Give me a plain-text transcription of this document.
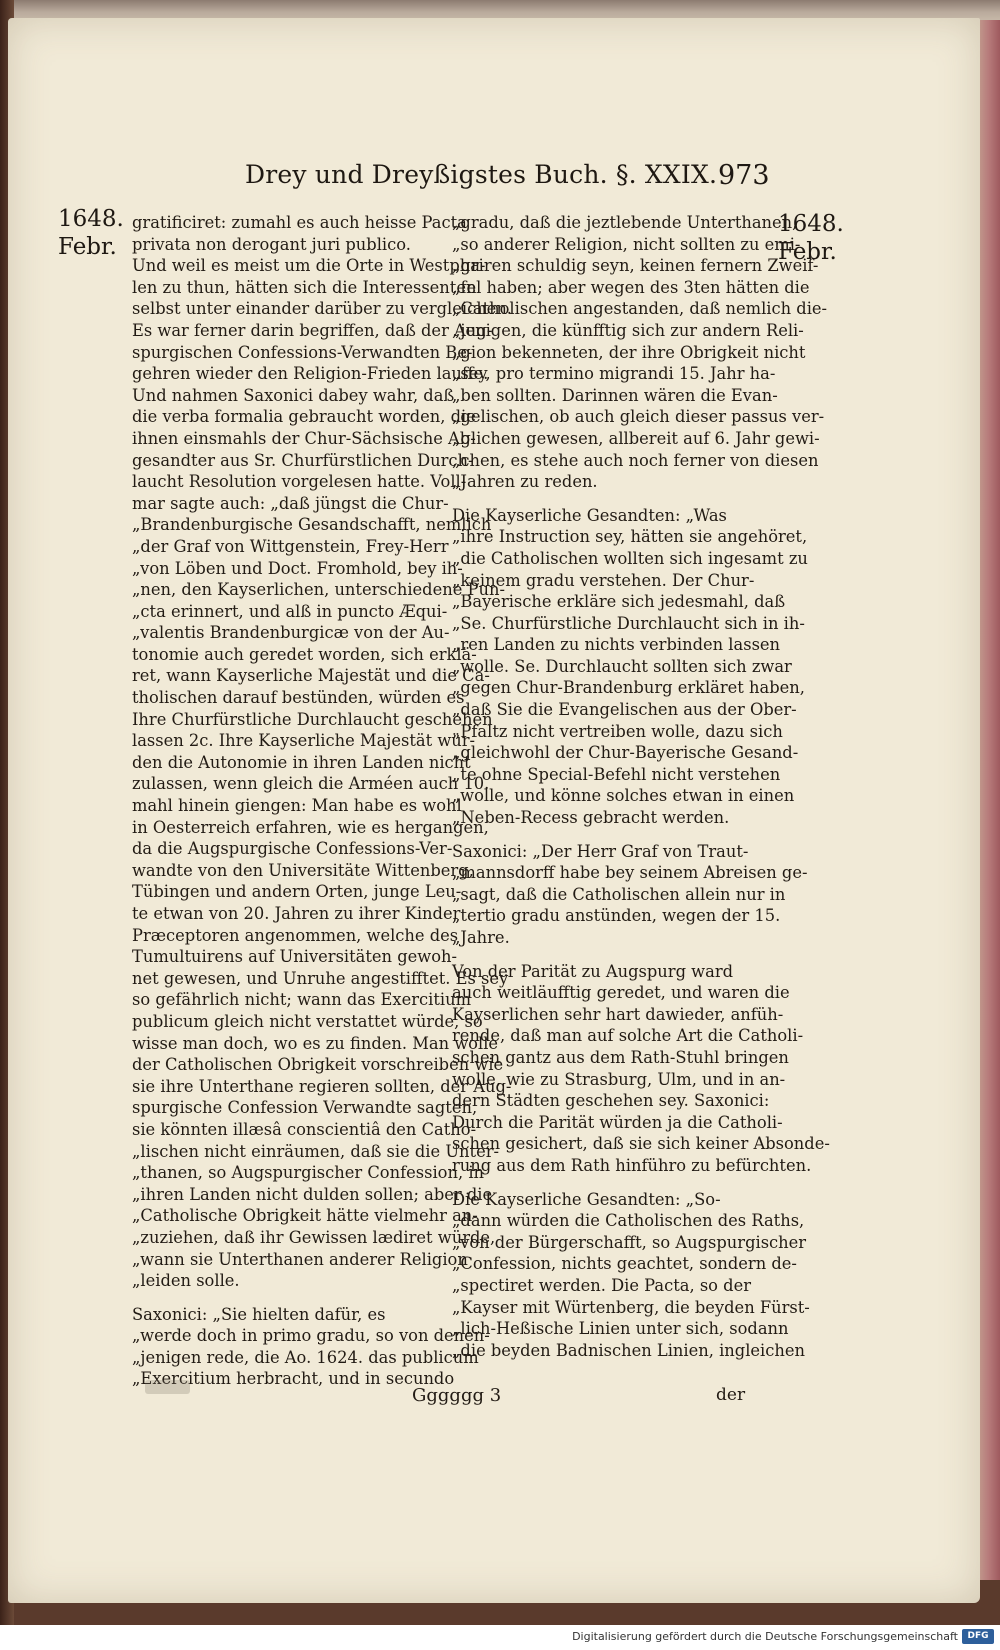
Drey und Dreyßigstes Buch. §. XXIX. 973
1648.
Febr.
1648.
Febr.
gratificiret: zumahl es auch heisse Pacta
privata non derogant juri publico.
Und weil es meist um die Orte in Westpha-
len zu thun, hätten sich die Interessenten
selbst unter einander darüber zu vergleichen.
Es war ferner darin begriffen, daß der Aug-
spurgischen Confessions-Verwandten Be-
gehren wieder den Religion-Frieden lauffe.
Und nahmen Saxonici dabey wahr, daß
die verba formalia gebraucht worden, die
ihnen einsmahls der Chur-Sächsische Ab-
gesandter aus Sr. Churfürstlichen Durch-
laucht Resolution vorgelesen hatte. Voll-
mar sagte auch: „daß jüngst die Chur-
„Brandenburgische Gesandschafft, nemlich
„der Graf von Wittgenstein, Frey-Herr
„von Löben und Doct. Fromhold, bey ih-
„nen, den Kayserlichen, unterschiedene Pun-
„cta erinnert, und alß in puncto Æqui-
„valentis Brandenburgicæ von der Au-
tonomie auch geredet worden, sich erklä-
ret, wann Kayserliche Majestät und die Ca-
tholischen darauf bestünden, würden es
Ihre Churfürstliche Durchlaucht geschehen
lassen 2c. Ihre Kayserliche Majestät wür-
den die Autonomie in ihren Landen nicht
zulassen, wenn gleich die Arméen auch 10.
mahl hinein giengen: Man habe es wohl
in Oesterreich erfahren, wie es hergangen,
da die Augspurgische Confessions-Ver-
wandte von den Universitäte Wittenberg,
Tübingen und andern Orten, junge Leu-
te etwan von 20. Jahren zu ihrer Kinder
Præceptoren angenommen, welche des
Tumultuirens auf Universitäten gewoh-
net gewesen, und Unruhe angestifftet. Es sey
so gefährlich nicht; wann das Exercitium
publicum gleich nicht verstattet würde, so
wisse man doch, wo es zu finden. Man wolle
der Catholischen Obrigkeit vorschreiben wie
sie ihre Unterthane regieren sollten, der Aug-
spurgische Confession Verwandte sagten,
sie könnten illæsâ conscientiâ den Catho-
„lischen nicht einräumen, daß sie die Unter-
„thanen, so Augspurgischer Confession, in
„ihren Landen nicht dulden sollen; aber die
„Catholische Obrigkeit hätte vielmehr an-
„zuziehen, daß ihr Gewissen lædiret würde,
„wann sie Unterthanen anderer Religion
„leiden solle.
Saxonici: „Sie hielten dafür, es
„werde doch in primo gradu, so von denen-
„jenigen rede, die Ao. 1624. das publicum
„Exercitium herbracht, und in secundo
„gradu, daß die jeztlebende Unterthanen,
„so anderer Religion, nicht sollten zu emi-
„griren schuldig seyn, keinen fernern Zweif-
„fel haben; aber wegen des 3ten hätten die
„Catholischen angestanden, daß nemlich die-
„jenigen, die künfftig sich zur andern Reli-
„gion bekenneten, der ihre Obrigkeit nicht
„sey, pro termino migrandi 15. Jahr ha-
„ben sollten. Darinnen wären die Evan-
„gelischen, ob auch gleich dieser passus ver-
„glichen gewesen, allbereit auf 6. Jahr gewi-
„chen, es stehe auch noch ferner von diesen
„Jahren zu reden.
Die Kayserliche Gesandten: „Was
„ihre Instruction sey, hätten sie angehöret,
„die Catholischen wollten sich ingesamt zu
„keinem gradu verstehen. Der Chur-
„Bayerische erkläre sich jedesmahl, daß
„Se. Churfürstliche Durchlaucht sich in ih-
„ren Landen zu nichts verbinden lassen
„wolle. Se. Durchlaucht sollten sich zwar
„gegen Chur-Brandenburg erkläret haben,
„daß Sie die Evangelischen aus der Ober-
„Pfaltz nicht vertreiben wolle, dazu sich
„gleichwohl der Chur-Bayerische Gesand-
„te ohne Special-Befehl nicht verstehen
„wolle, und könne solches etwan in einen
„Neben-Recess gebracht werden.
Saxonici: „Der Herr Graf von Traut-
„mannsdorff habe bey seinem Abreisen ge-
„sagt, daß die Catholischen allein nur in
„tertio gradu anstünden, wegen der 15.
„Jahre.
Von der Parität zu Augspurg ward
auch weitläufftig geredet, und waren die
Kayserlichen sehr hart dawieder, anfüh-
rende, daß man auf solche Art die Catholi-
schen gantz aus dem Rath-Stuhl bringen
wolle, wie zu Strasburg, Ulm, und in an-
dern Städten geschehen sey. Saxonici:
Durch die Parität würden ja die Catholi-
schen gesichert, daß sie sich keiner Absonde-
rung aus dem Rath hinführo zu befürchten.
Die Kayserliche Gesandten: „So-
„dann würden die Catholischen des Raths,
„von der Bürgerschafft, so Augspurgischer
„Confession, nichts geachtet, sondern de-
„spectiret werden. Die Pacta, so der
„Kayser mit Würtenberg, die beyden Fürst-
„lich-Heßische Linien unter sich, sodann
„die beyden Badnischen Linien, ingleichen
Gggggg 3	der
Digitalisierung gefördert durch die Deutsche Forschungsgemeinschaft	DFG
